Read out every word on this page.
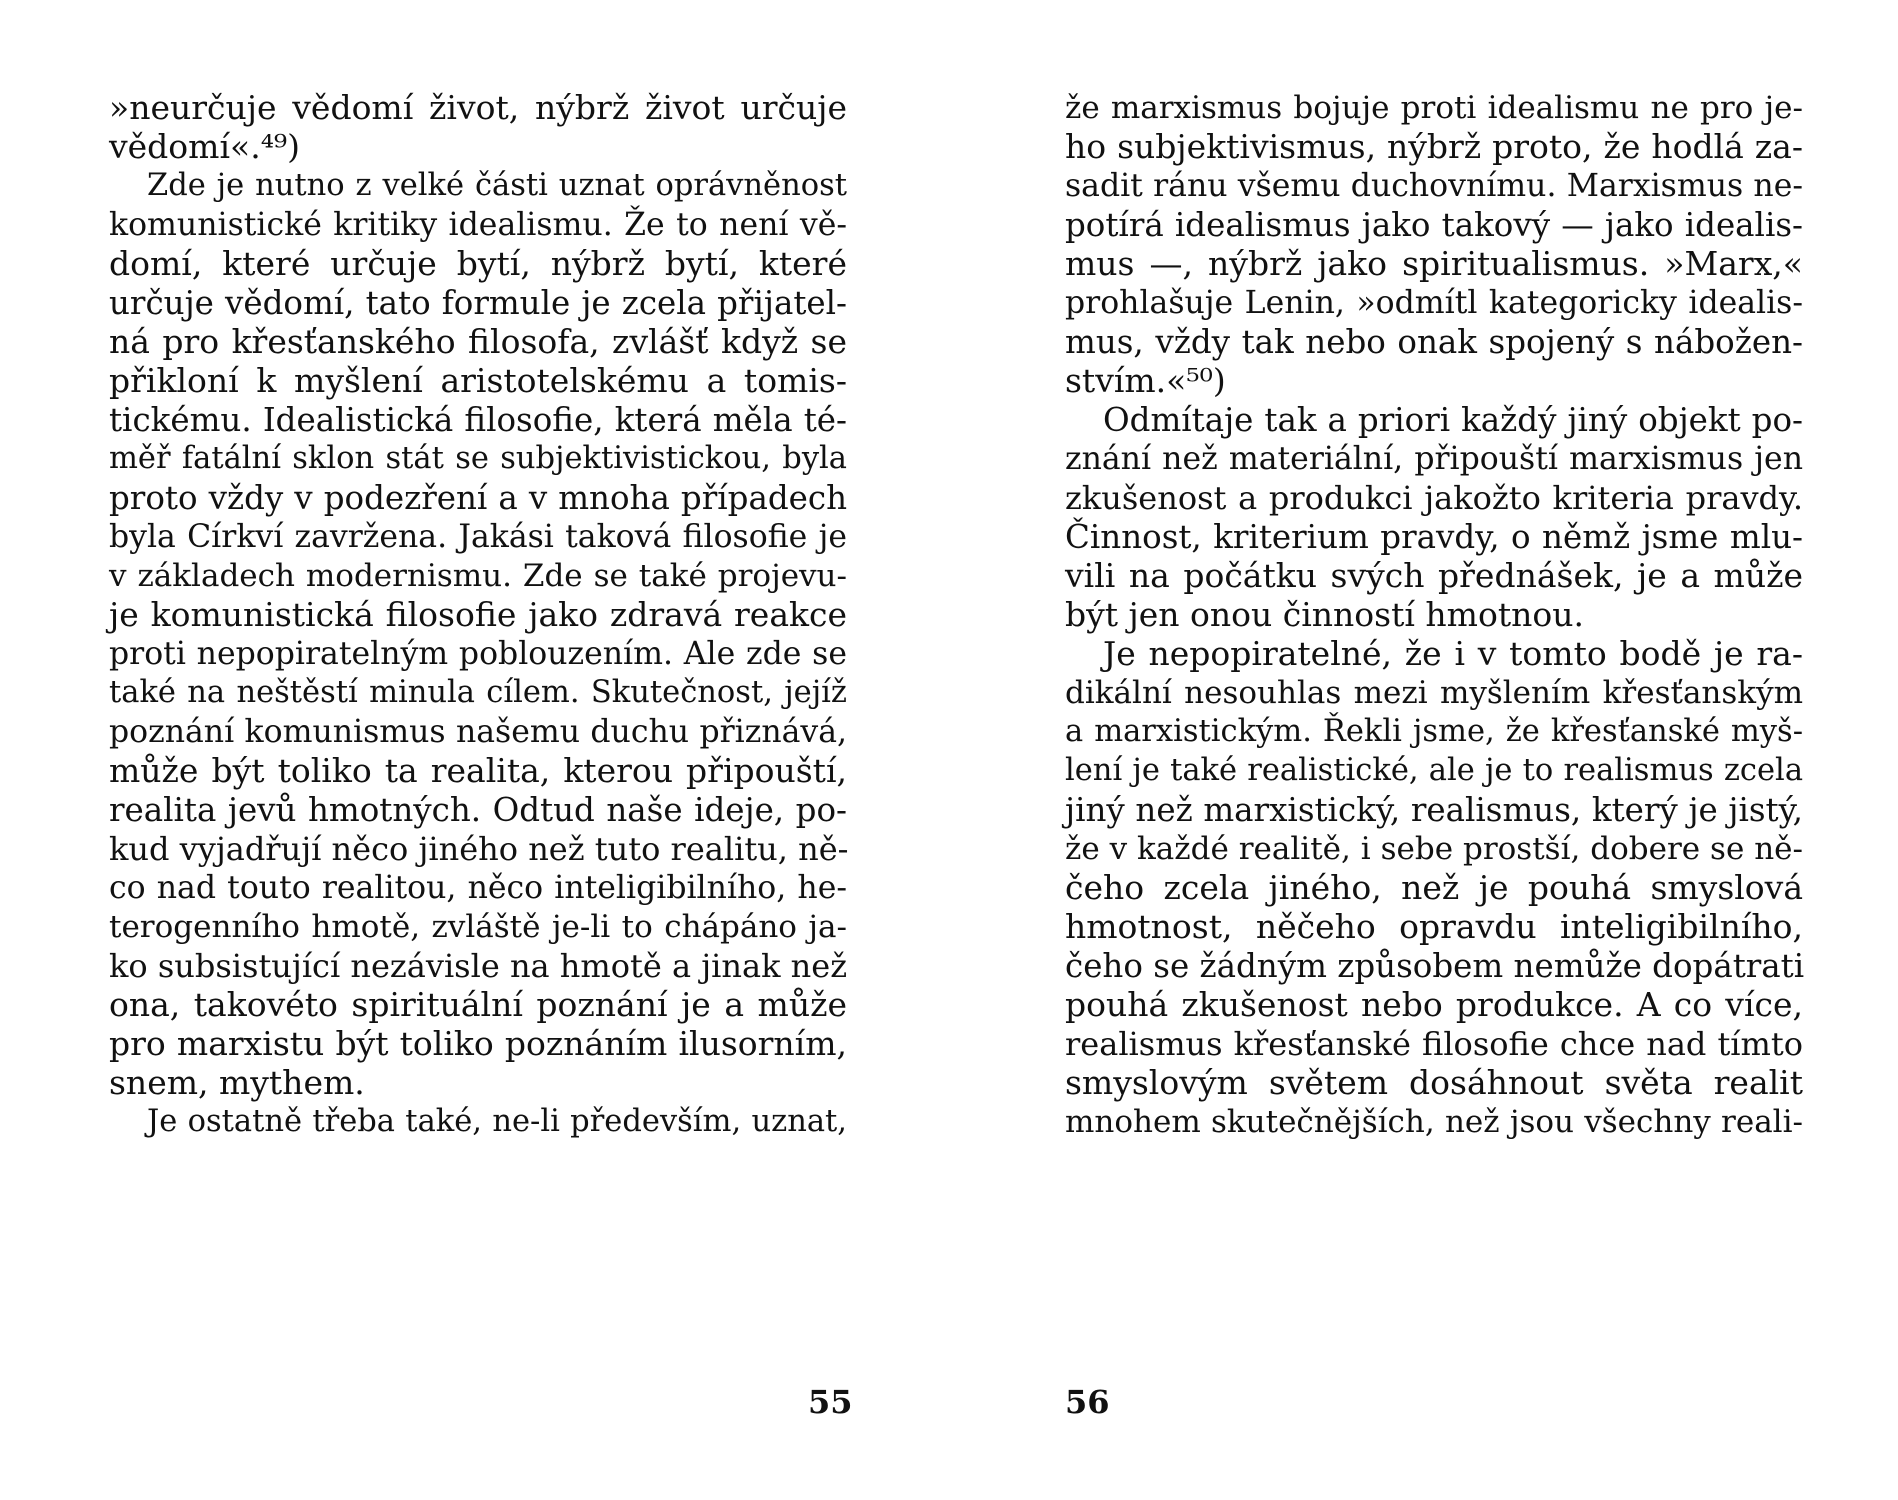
»neurčuje vědomí život, nýbrž život určuje
vědomí«.⁴⁹)
Zde je nutno z velké části uznat oprávněnost
komunistické kritiky idealismu. Že to není vě-
domí, které určuje bytí, nýbrž bytí, které
určuje vědomí, tato formule je zcela přijatel-
ná pro křesťanského filosofa, zvlášť když se
přikloní k myšlení aristotelskému a tomis-
tickému. Idealistická filosofie, která měla té-
měř fatální sklon stát se subjektivistickou, byla
proto vždy v podezření a v mnoha případech
byla Církví zavržena. Jakási taková filosofie je
v základech modernismu. Zde se také projevu-
je komunistická filosofie jako zdravá reakce
proti nepopiratelným poblouzením. Ale zde se
také na neštěstí minula cílem. Skutečnost, jejíž
poznání komunismus našemu duchu přiznává,
může být toliko ta realita, kterou připouští,
realita jevů hmotných. Odtud naše ideje, po-
kud vyjadřují něco jiného než tuto realitu, ně-
co nad touto realitou, něco inteligibilního, he-
terogenního hmotě, zvláště je-li to chápáno ja-
ko subsistující nezávisle na hmotě a jinak než
ona, takovéto spirituální poznání je a může
pro marxistu být toliko poznáním ilusorním,
snem, mythem.
Je ostatně třeba také, ne-li především, uznat,
55
že marxismus bojuje proti idealismu ne pro je-
ho subjektivismus, nýbrž proto, že hodlá za-
sadit ránu všemu duchovnímu. Marxismus ne-
potírá idealismus jako takový — jako idealis-
mus —, nýbrž jako spiritualismus. »Marx,«
prohlašuje Lenin, »odmítl kategoricky idealis-
mus, vždy tak nebo onak spojený s nábožen-
stvím.«⁵⁰)
Odmítaje tak a priori každý jiný objekt po-
znání než materiální, připouští marxismus jen
zkušenost a produkci jakožto kriteria pravdy.
Činnost, kriterium pravdy, o němž jsme mlu-
vili na počátku svých přednášek, je a může
být jen onou činností hmotnou.
Je nepopiratelné, že i v tomto bodě je ra-
dikální nesouhlas mezi myšlením křesťanským
a marxistickým. Řekli jsme, že křesťanské myš-
lení je také realistické, ale je to realismus zcela
jiný než marxistický, realismus, který je jistý,
že v každé realitě, i sebe prostší, dobere se ně-
čeho zcela jiného, než je pouhá smyslová
hmotnost, něčeho opravdu inteligibilního,
čeho se žádným způsobem nemůže dopátrati
pouhá zkušenost nebo produkce. A co více,
realismus křesťanské filosofie chce nad tímto
smyslovým světem dosáhnout světa realit
mnohem skutečnějších, než jsou všechny reali-
56
